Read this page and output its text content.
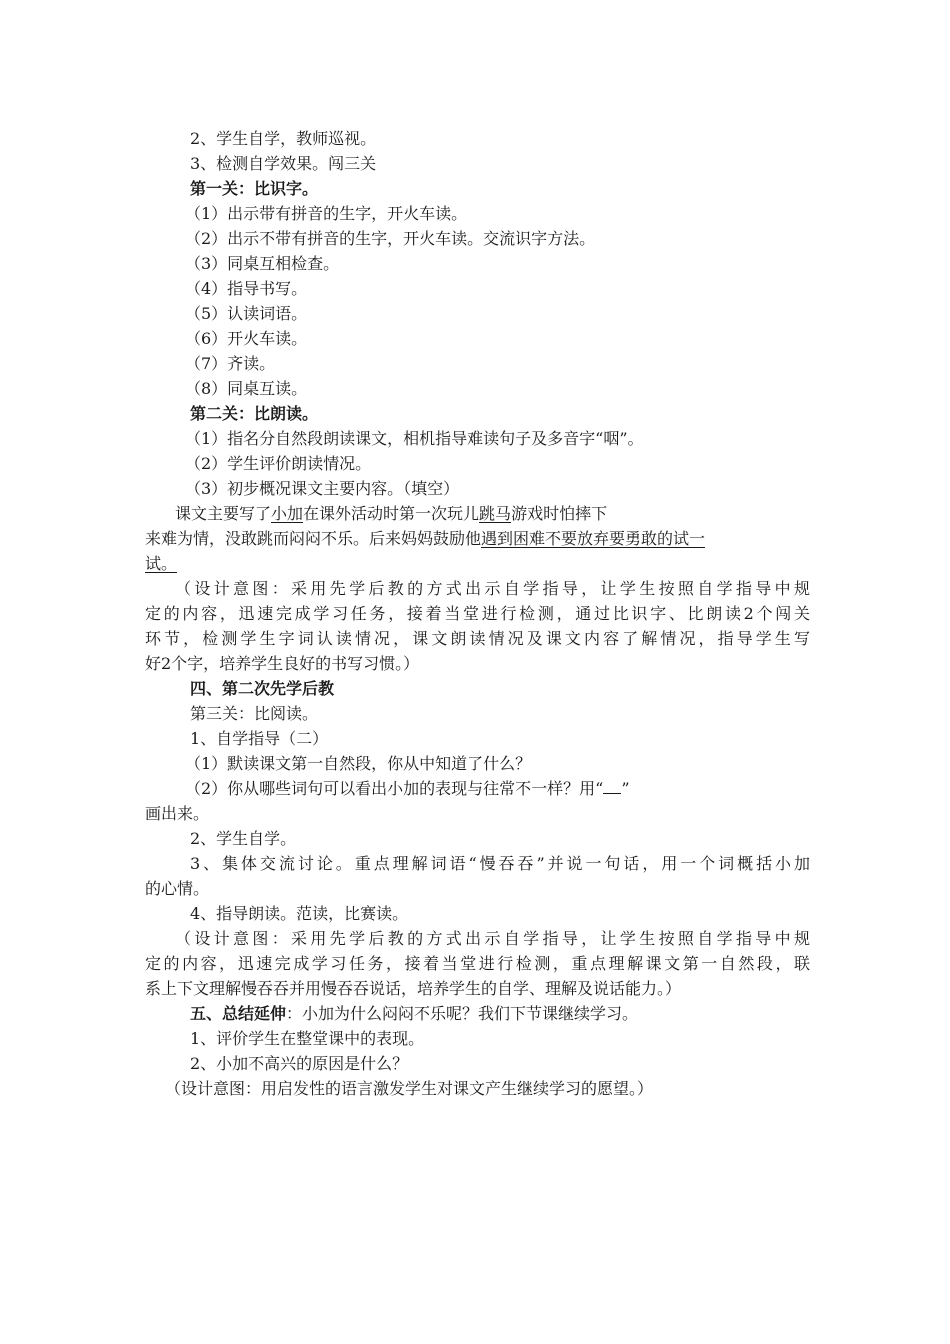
2、学生自学，教师巡视。
3、检测自学效果。闯三关
第一关：比识字。
（1）出示带有拼音的生字，开火车读。
（2）出示不带有拼音的生字，开火车读。交流识字方法。
（3）同桌互相检查。
（4）指导书写。
（5）认读词语。
（6）开火车读。
（7）齐读。
（8）同桌互读。
第二关：比朗读。
（1）指名分自然段朗读课文，相机指导难读句子及多音字“咽”。
（2）学生评价朗读情况。
（3）初步概况课文主要内容。（填空）
课文主要写了小加在课外活动时第一次玩儿跳马游戏时怕摔下
来难为情，没敢跳而闷闷不乐。后来妈妈鼓励他遇到困难不要放弃要勇敢的试一
试。
（设计意图：采用先学后教的方式出示自学指导，让学生按照自学指导中规
定的内容，迅速完成学习任务，接着当堂进行检测，通过比识字、比朗读2个闯关
环节，检测学生字词认读情况，课文朗读情况及课文内容了解情况，指导学生写
好2个字，培养学生良好的书写习惯。）
四、第二次先学后教
第三关：比阅读。
1、自学指导（二）
（1）默读课文第一自然段，你从中知道了什么？
（2）你从哪些词句可以看出小加的表现与往常不一样？用“ ”
画出来。
2、学生自学。
3、集体交流讨论。重点理解词语“慢吞吞”并说一句话，用一个词概括小加
的心情。
4、指导朗读。范读，比赛读。
（设计意图：采用先学后教的方式出示自学指导，让学生按照自学指导中规
定的内容，迅速完成学习任务，接着当堂进行检测，重点理解课文第一自然段，联
系上下文理解慢吞吞并用慢吞吞说话，培养学生的自学、理解及说话能力。）
五、总结延伸：小加为什么闷闷不乐呢？我们下节课继续学习。
1、评价学生在整堂课中的表现。
2、小加不高兴的原因是什么？
（设计意图：用启发性的语言激发学生对课文产生继续学习的愿望。）
